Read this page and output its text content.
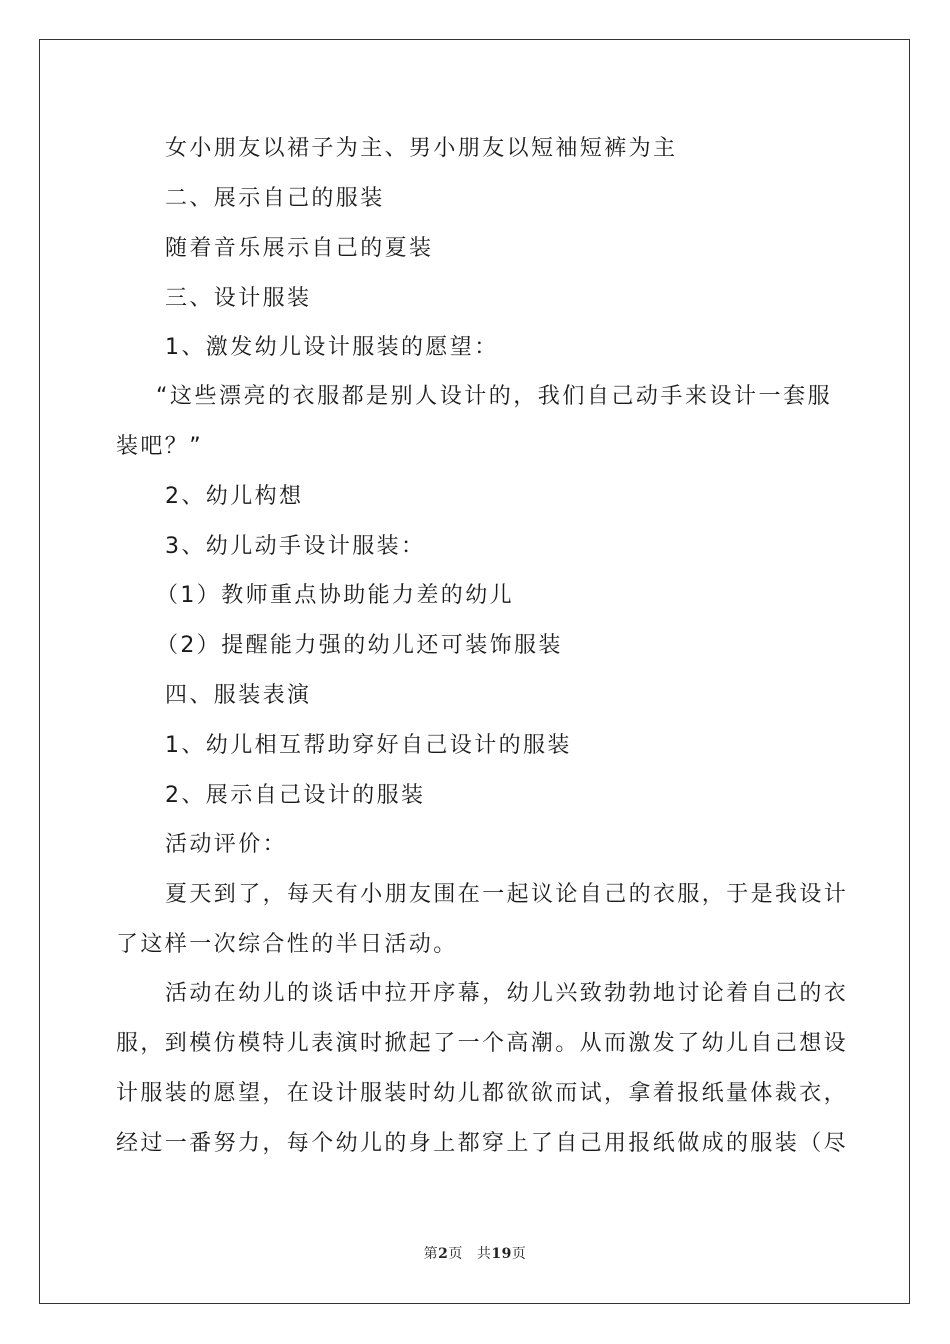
女小朋友以裙子为主、男小朋友以短袖短裤为主
二、展示自己的服装
随着音乐展示自己的夏装
三、设计服装
1、激发幼儿设计服装的愿望：
“这些漂亮的衣服都是别人设计的，我们自己动手来设计一套服
装吧？”
2、幼儿构想
3、幼儿动手设计服装：
（1）教师重点协助能力差的幼儿
（2）提醒能力强的幼儿还可装饰服装
四、服装表演
1、幼儿相互帮助穿好自己设计的服装
2、展示自己设计的服装
活动评价：
夏天到了，每天有小朋友围在一起议论自己的衣服，于是我设计
了这样一次综合性的半日活动。
活动在幼儿的谈话中拉开序幕，幼儿兴致勃勃地讨论着自己的衣
服，到模仿模特儿表演时掀起了一个高潮。从而激发了幼儿自己想设
计服装的愿望，在设计服装时幼儿都欲欲而试，拿着报纸量体裁衣，
经过一番努力，每个幼儿的身上都穿上了自己用报纸做成的服装（尽
第2页 共19页
